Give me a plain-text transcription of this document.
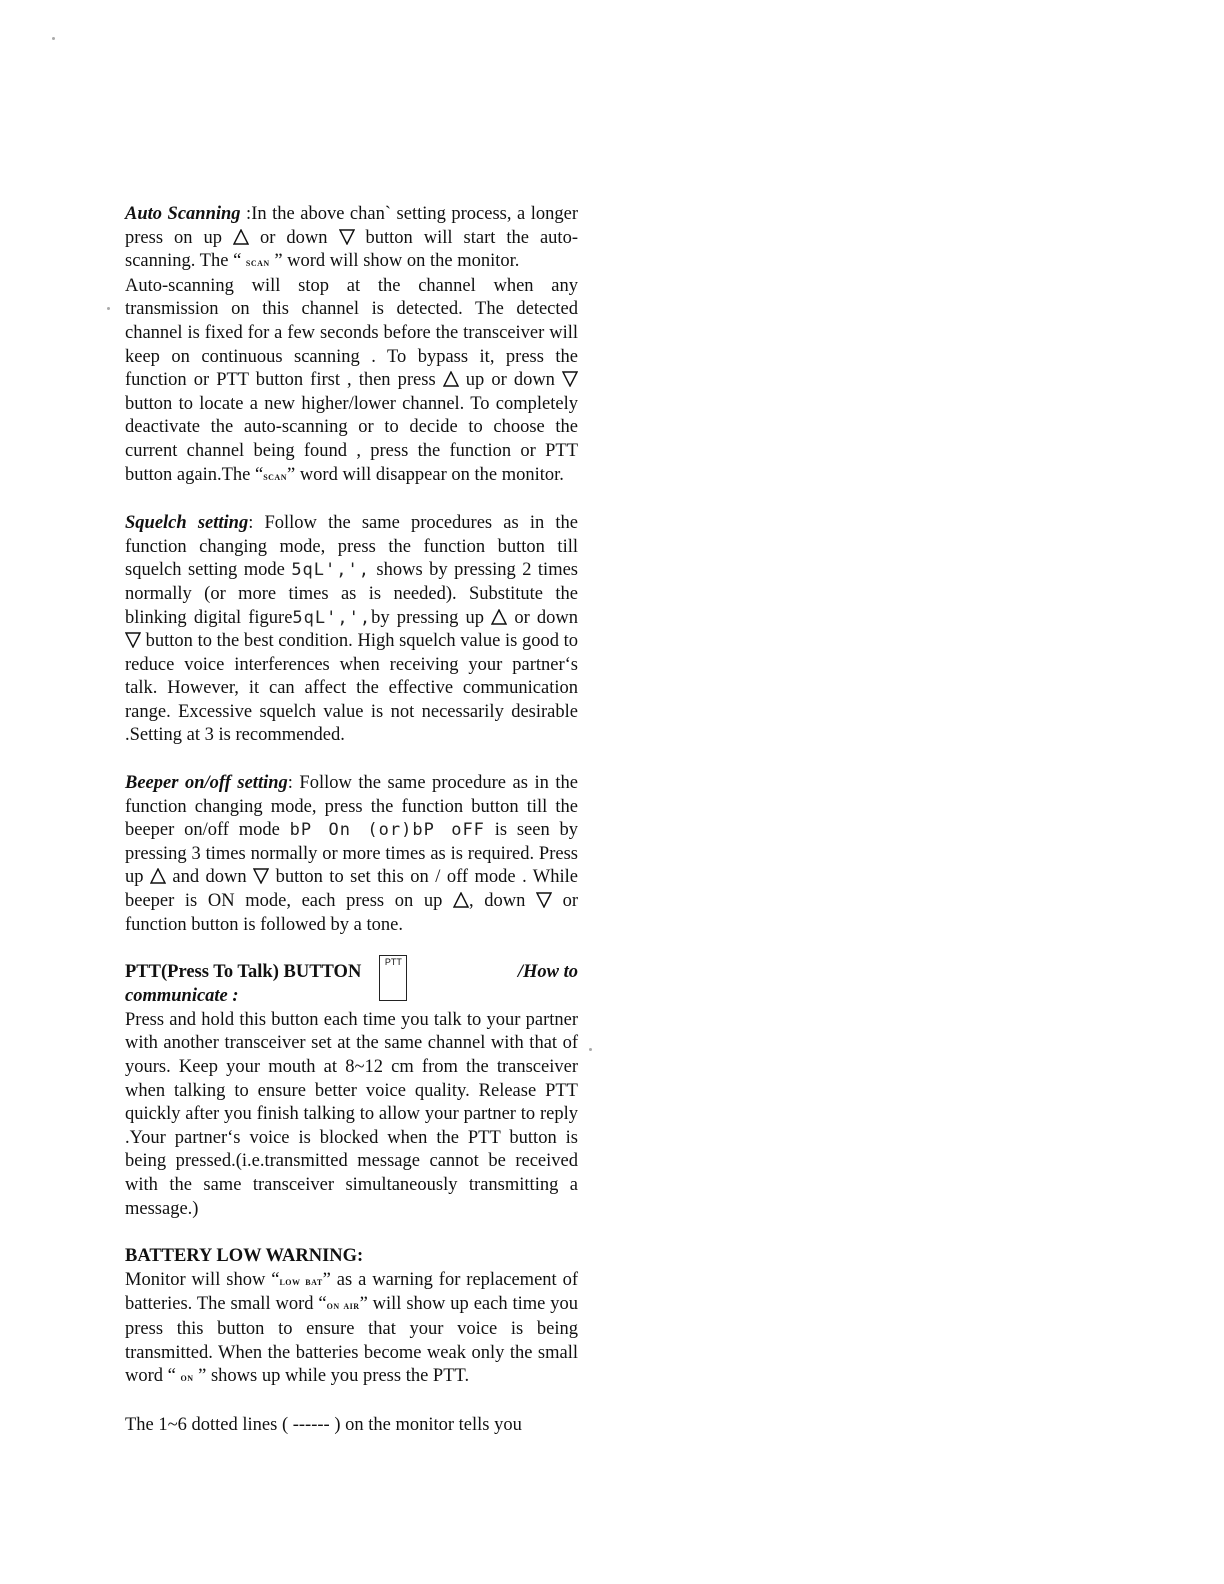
Auto Scanning :In the above chan` setting process, a longer press on up  or down  button will start the auto-scanning. The “ scan ” word will show on the monitor.

Auto-scanning will stop at the channel when any transmission on this channel is detected. The detected channel is fixed for a few seconds before the transceiver will keep on continuous scanning . To bypass it, press the function or PTT button first , then press  up or down  button to locate a new higher/lower channel. To completely deactivate the auto-scanning or to decide to choose the current channel being found , press the function or PTT button again.The “scan” word will disappear on the monitor.

Squelch setting: Follow the same procedures as in the function changing mode, press the function button till squelch setting mode 5qL',', shows by pressing 2 times normally (or more times as is needed). Substitute the blinking digital figure5qL',',by pressing up  or down  button to the best condition. High squelch value is good to reduce voice interferences when receiving your partner‘s talk. However, it can affect the effective communication range. Excessive squelch value is not necessarily desirable .Setting at 3 is recommended.

Beeper on/off setting: Follow the same procedure as in the function changing mode, press the function button till the beeper on/off mode bP On (or)bP oFF is seen by pressing 3 times normally or more times as is required. Press up  and down  button to set this on / off mode . While beeper is ON mode, each press on up , down  or function button is followed by a tone.

PTT(Press To Talk) BUTTON	PTT	/How to
communicate :

Press and hold this button each time you talk to your partner with another transceiver set at the same channel with that of yours. Keep your mouth at 8~12 cm from the transceiver when talking to ensure better voice quality. Release PTT quickly after you finish talking to allow your partner to reply .Your partner‘s voice is blocked when the PTT button is being pressed.(i.e.transmitted message cannot be received with the same transceiver simultaneously transmitting a message.)

BATTERY LOW WARNING:

Monitor will show “low bat” as a warning for replacement of batteries. The small word “on air” will show up each time you press this button to ensure that your voice is being transmitted. When the batteries become weak only the small word “ on ” shows up while you press the PTT.

The 1~6 dotted lines ( ------ ) on the monitor tells you
